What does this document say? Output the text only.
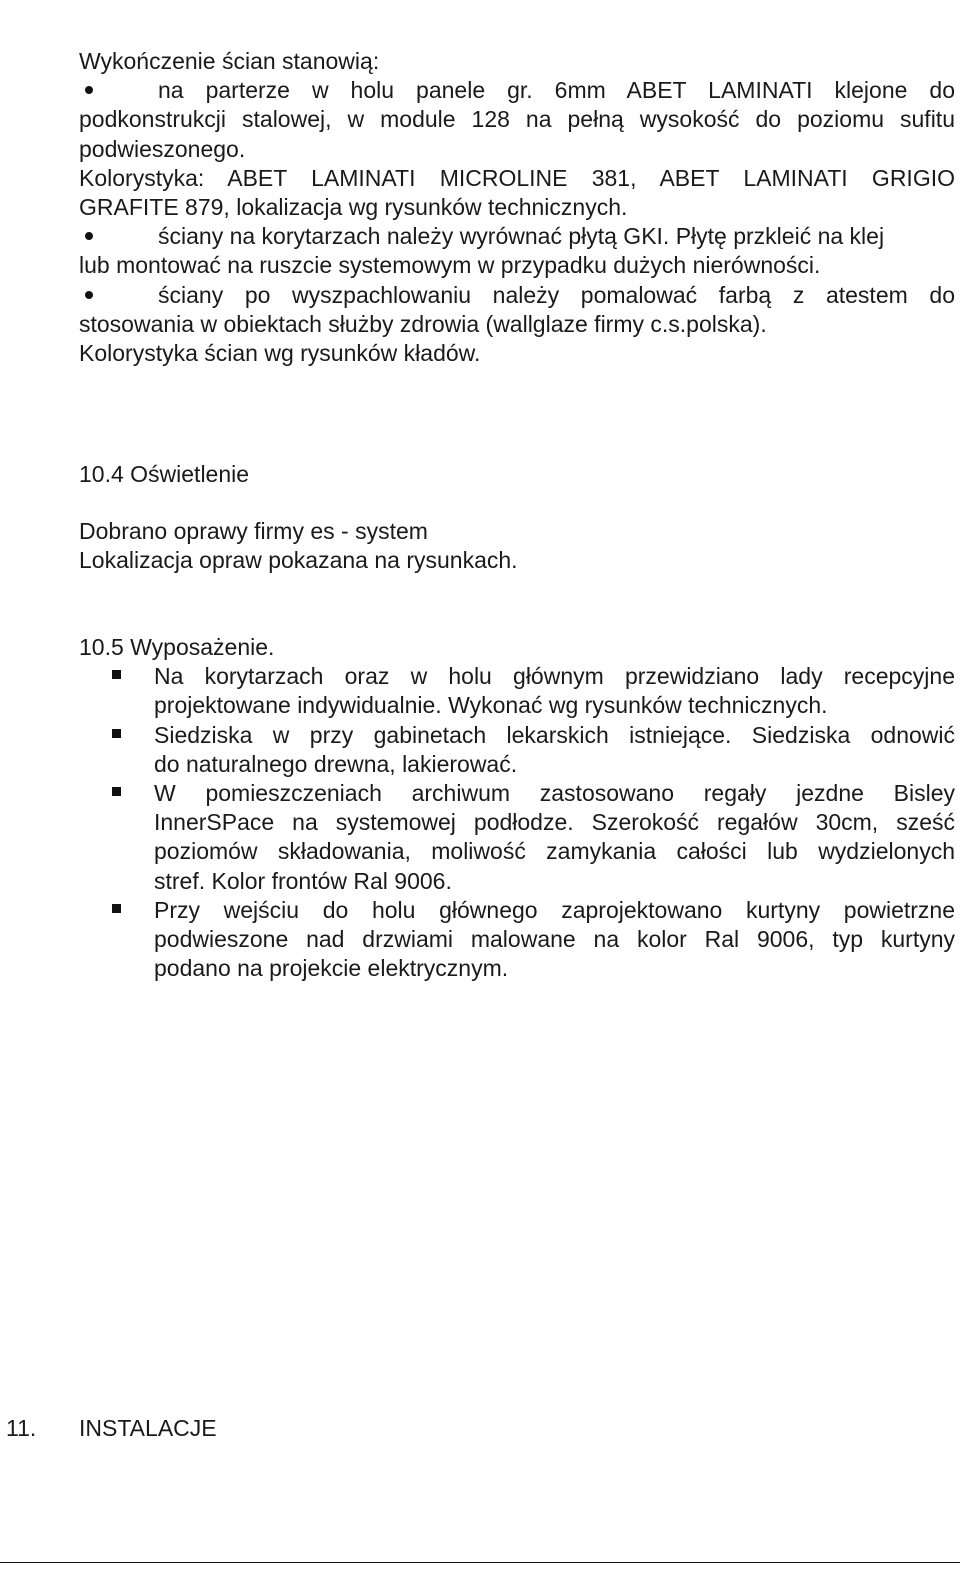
Wykończenie ścian stanowią:
na parterze w holu panele gr. 6mm ABET LAMINATI klejone do
podkonstrukcji stalowej, w module 128 na pełną wysokość do poziomu sufitu
podwieszonego.
Kolorystyka: ABET LAMINATI MICROLINE 381, ABET LAMINATI GRIGIO
GRAFITE 879, lokalizacja wg rysunków technicznych.
ściany na korytarzach należy wyrównać płytą GKI. Płytę przkleić na klej
lub montować na ruszcie systemowym w przypadku dużych nierówności.
ściany po wyszpachlowaniu należy pomalować farbą z atestem do
stosowania w obiektach służby zdrowia (wallglaze firmy c.s.polska).
Kolorystyka ścian wg rysunków kładów.
10.4 Oświetlenie
Dobrano oprawy firmy es - system
Lokalizacja opraw pokazana na rysunkach.
10.5 Wyposażenie.
Na korytarzach oraz w holu głównym przewidziano lady recepcyjne
projektowane indywidualnie. Wykonać wg rysunków technicznych.
Siedziska w przy gabinetach lekarskich istniejące. Siedziska odnowić
do naturalnego drewna, lakierować.
W pomieszczeniach archiwum zastosowano regały jezdne Bisley
InnerSPace na systemowej podłodze. Szerokość regałów 30cm, sześć
poziomów składowania, moliwość zamykania całości lub wydzielonych
stref. Kolor frontów Ral 9006.
Przy wejściu do holu głównego zaprojektowano kurtyny powietrzne
podwieszone nad drzwiami malowane na kolor Ral 9006, typ kurtyny
podano na projekcie elektrycznym.
11. INSTALACJE
